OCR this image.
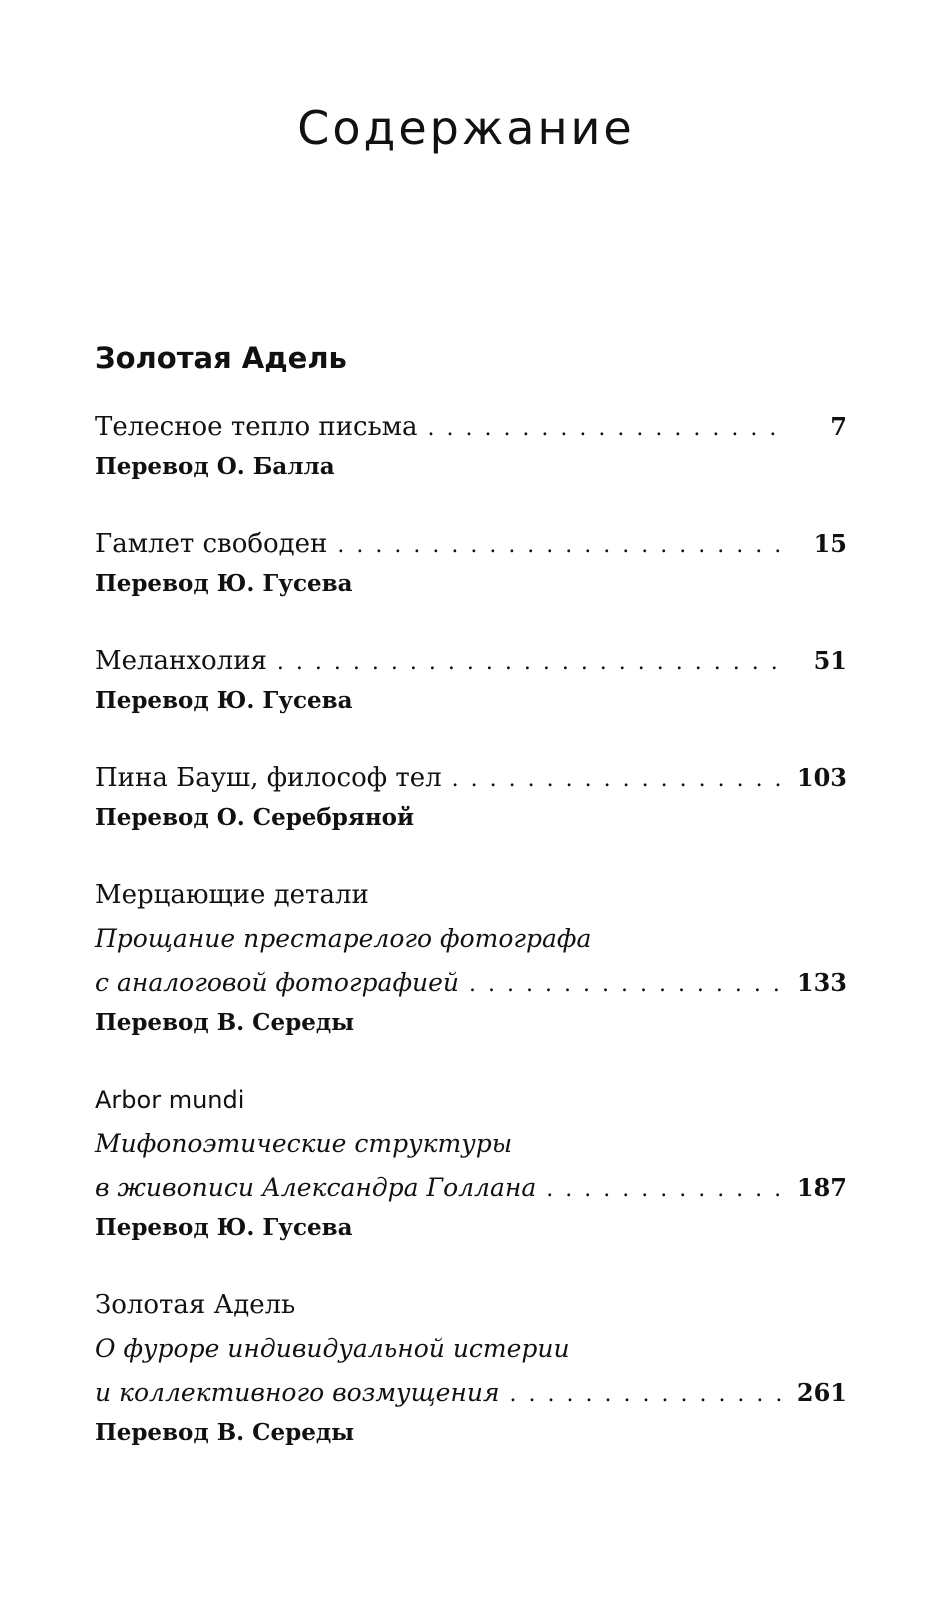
Содержание
Золотая Адель
Телесное тепло письма .....	7
Перевод О. Балла
Гамлет свободен .....	15
Перевод Ю. Гусева
Меланхолия .....	51
Перевод Ю. Гусева
Пина Бауш, философ тел .....	103
Перевод О. Серебряной
Мерцающие детали
Прощание престарелого фотографа
с аналоговой фотографией .....	133
Перевод В. Середы
Arbor mundi
Мифопоэтические структуры
в живописи Александра Голлана .....	187
Перевод Ю. Гусева
Золотая Адель
О фуроре индивидуальной истерии
и коллективного возмущения .....	261
Перевод В. Середы
